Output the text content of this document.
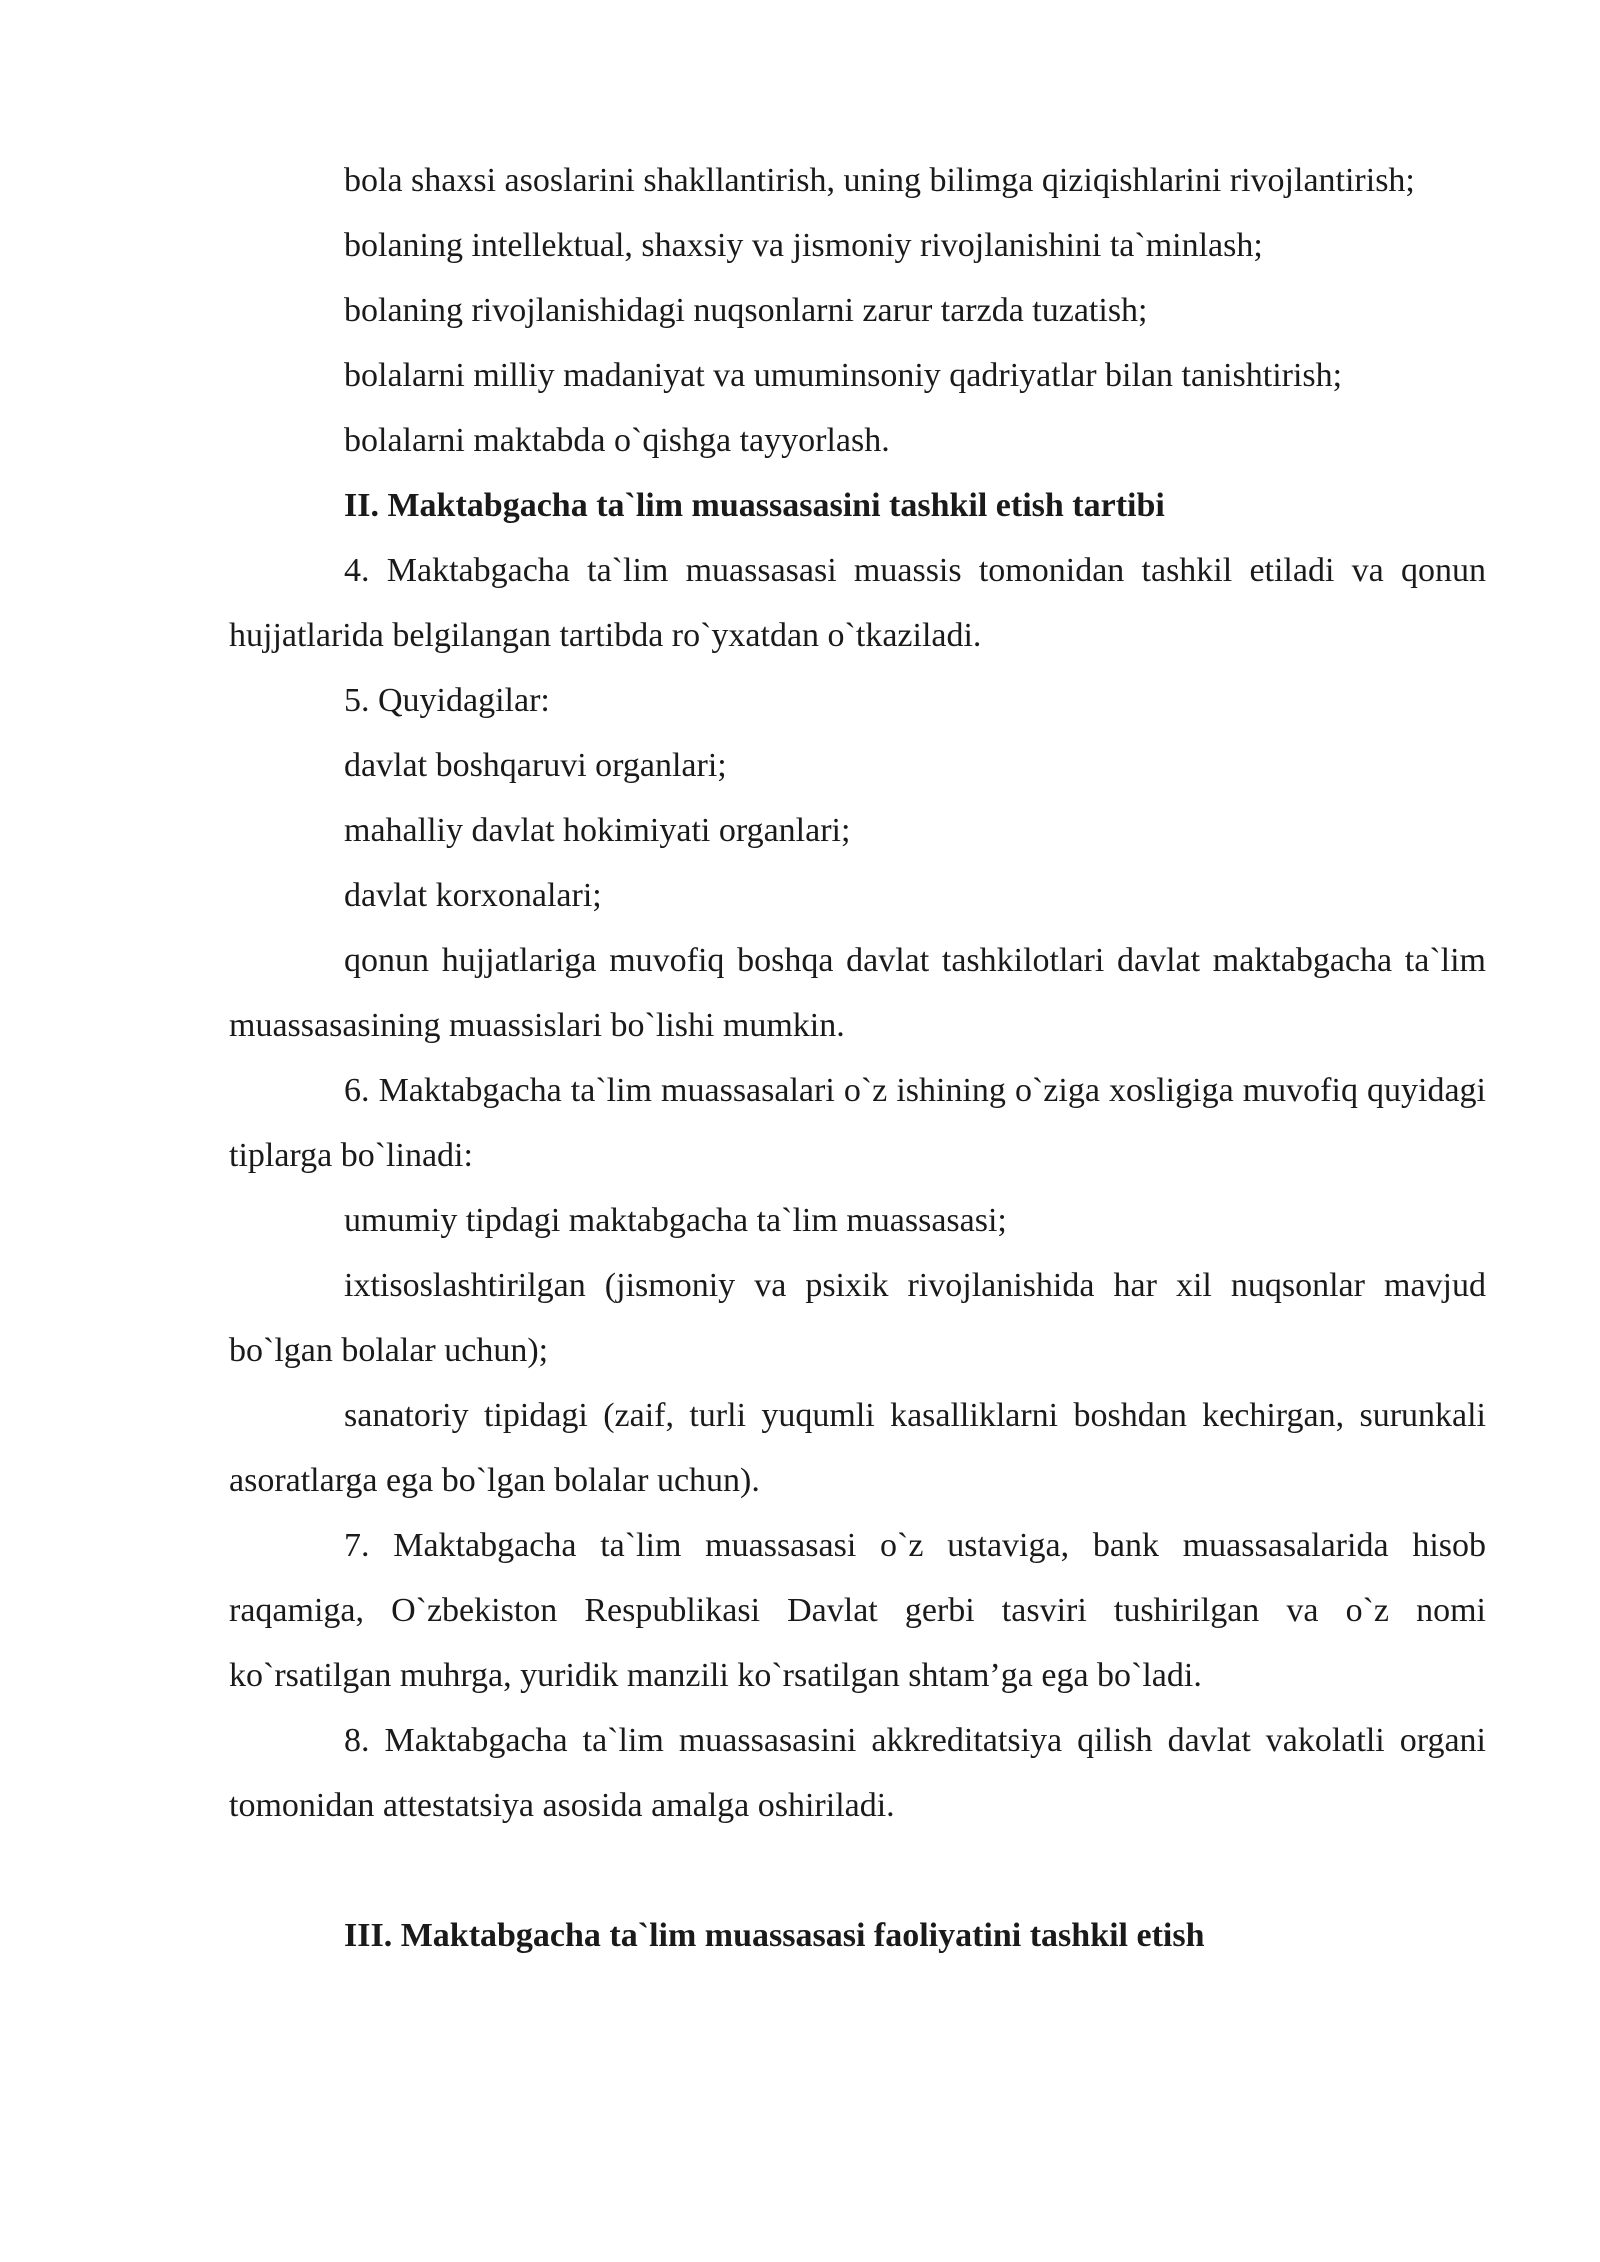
bola shaxsi asoslarini shakllantirish, uning bilimga qiziqishlarini rivojlantirish;

bolaning intellektual, shaxsiy va jismoniy rivojlanishini ta`minlash;

bolaning rivojlanishidagi nuqsonlarni zarur tarzda tuzatish;

bolalarni milliy madaniyat va umuminsoniy qadriyatlar bilan tanishtirish;

bolalarni maktabda o`qishga tayyorlash.

II. Maktabgacha ta`lim muassasasini tashkil etish tartibi

4. Maktabgacha ta`lim muassasasi muassis tomonidan tashkil etiladi va qonun hujjatlarida belgilangan tartibda ro`yxatdan o`tkaziladi.

5. Quyidagilar:

davlat boshqaruvi organlari;

mahalliy davlat hokimiyati organlari;

davlat korxonalari;

qonun hujjatlariga muvofiq boshqa davlat tashkilotlari davlat maktabgacha ta`lim muassasasining muassislari bo`lishi mumkin.

6. Maktabgacha ta`lim muassasalari o`z ishining o`ziga xosligiga muvofiq quyidagi tiplarga bo`linadi:

umumiy tipdagi maktabgacha ta`lim muassasasi;

ixtisoslashtirilgan (jismoniy va psixik rivojlanishida har xil nuqsonlar mavjud bo`lgan bolalar uchun);

sanatoriy tipidagi (zaif, turli yuqumli kasalliklarni boshdan kechirgan, surunkali asoratlarga ega bo`lgan bolalar uchun).

7. Maktabgacha ta`lim muassasasi o`z ustaviga, bank muassasalarida hisob raqamiga, O`zbekiston Respublikasi Davlat gerbi tasviri tushirilgan va o`z nomi ko`rsatilgan muhrga, yuridik manzili ko`rsatilgan shtam’ga ega bo`ladi.

8. Maktabgacha ta`lim muassasasini akkreditatsiya qilish davlat vakolatli organi tomonidan attestatsiya asosida amalga oshiriladi.

III. Maktabgacha ta`lim muassasasi faoliyatini tashkil etish
